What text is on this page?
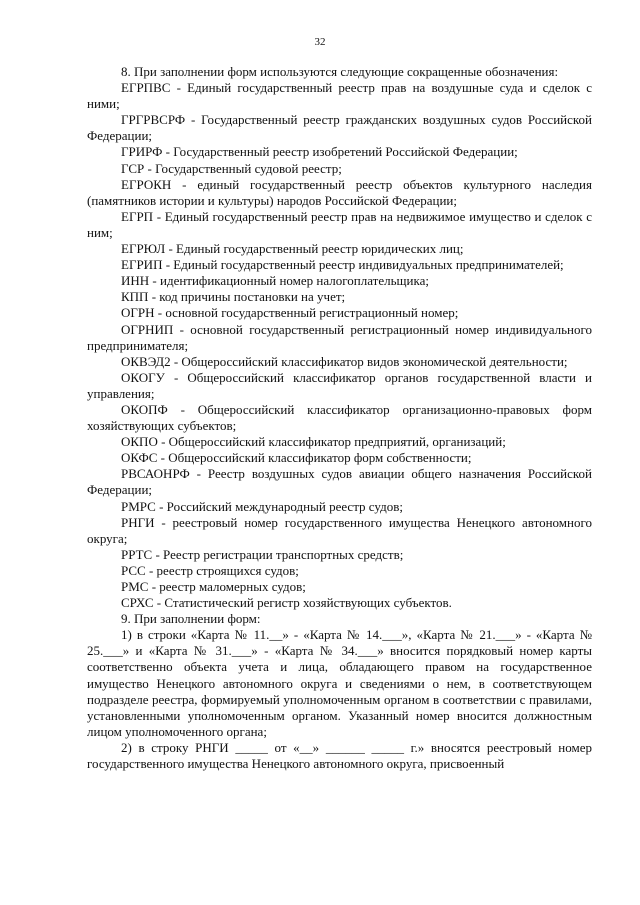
32

8. При заполнении форм используются следующие сокращенные обозначения:

ЕГРПВС - Единый государственный реестр прав на воздушные суда и сделок с ними;

ГРГРВСРФ - Государственный реестр гражданских воздушных судов Российской Федерации;

ГРИРФ - Государственный реестр изобретений Российской Федерации;

ГСР - Государственный судовой реестр;

ЕГРОКН - единый государственный реестр объектов культурного наследия (памятников истории и культуры) народов Российской Федерации;

ЕГРП - Единый государственный реестр прав на недвижимое имущество и сделок с ним;

ЕГРЮЛ - Единый государственный реестр юридических лиц;

ЕГРИП - Единый государственный реестр индивидуальных предпринимателей;

ИНН - идентификационный номер налогоплательщика;

КПП - код причины постановки на учет;

ОГРН - основной государственный регистрационный номер;

ОГРНИП - основной государственный регистрационный номер индивидуального предпринимателя;

ОКВЭД2 - Общероссийский классификатор видов экономической деятельности;

ОКОГУ - Общероссийский классификатор органов государственной власти и управления;

ОКОПФ - Общероссийский классификатор организационно-правовых форм хозяйствующих субъектов;

ОКПО - Общероссийский классификатор предприятий, организаций;

ОКФС - Общероссийский классификатор форм собственности;

РВСАОНРФ - Реестр воздушных судов авиации общего назначения Российской Федерации;

РМРС - Российский международный реестр судов;

РНГИ - реестровый номер государственного имущества Ненецкого автономного округа;

РРТС - Реестр регистрации транспортных средств;

РСС - реестр строящихся судов;

РМС - реестр маломерных судов;

СРХС - Статистический регистр хозяйствующих субъектов.

9. При заполнении форм:

1) в строки «Карта № 11.__» - «Карта № 14.___», «Карта № 21.___» - «Карта № 25.___» и «Карта № 31.___» - «Карта № 34.___» вносится порядковый номер карты соответственно объекта учета и лица, обладающего правом на государственное имущество Ненецкого автономного округа и сведениями о нем, в соответствующем подразделе реестра, формируемый уполномоченным органом в соответствии с правилами, установленными уполномоченным органом. Указанный номер вносится должностным лицом уполномоченного органа;

2) в строку РНГИ _____ от «__» ______ _____ г.» вносятся реестровый номер государственного имущества Ненецкого автономного округа, присвоенный
